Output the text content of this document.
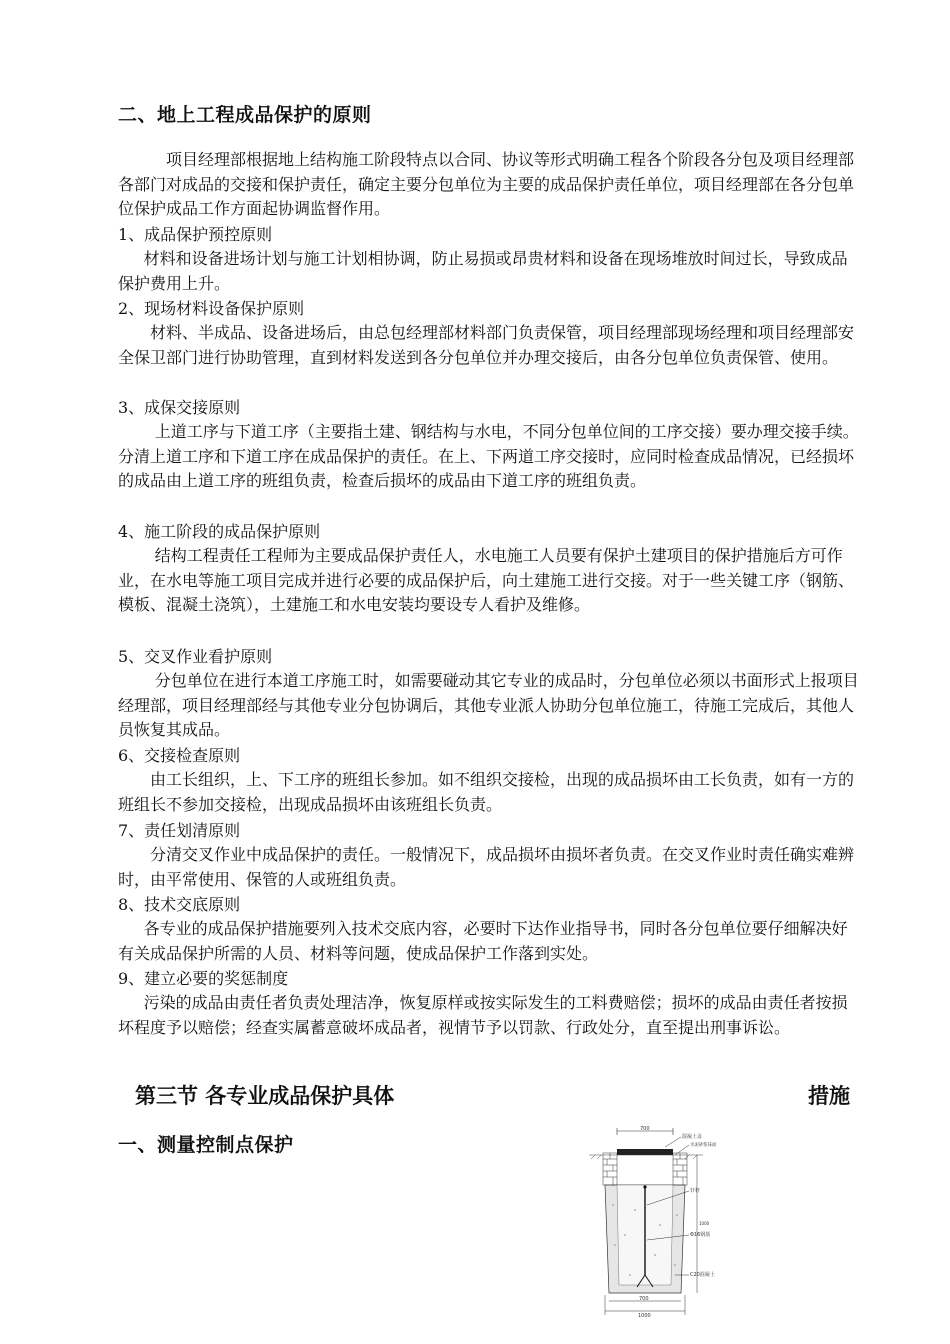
二、地上工程成品保护的原则

项目经理部根据地上结构施工阶段特点以合同、协议等形式明确工程各个阶段各分包及项目经理部各部门对成品的交接和保护责任，确定主要分包单位为主要的成品保护责任单位，项目经理部在各分包单位保护成品工作方面起协调监督作用。

1、成品保护预控原则

材料和设备进场计划与施工计划相协调，防止易损或昂贵材料和设备在现场堆放时间过长，导致成品保护费用上升。

2、现场材料设备保护原则

材料、半成品、设备进场后，由总包经理部材料部门负责保管，项目经理部现场经理和项目经理部安全保卫部门进行协助管理，直到材料发送到各分包单位并办理交接后，由各分包单位负责保管、使用。

3、成保交接原则

上道工序与下道工序（主要指土建、钢结构与水电，不同分包单位间的工序交接）要办理交接手续。分清上道工序和下道工序在成品保护的责任。在上、下两道工序交接时，应同时检查成品情况，已经损坏的成品由上道工序的班组负责，检查后损坏的成品由下道工序的班组负责。

4、施工阶段的成品保护原则

结构工程责任工程师为主要成品保护责任人，水电施工人员要有保护土建项目的保护措施后方可作业，在水电等施工项目完成并进行必要的成品保护后，向土建施工进行交接。对于一些关键工序（钢筋、模板、混凝土浇筑），土建施工和水电安装均要设专人看护及维修。

5、交叉作业看护原则

分包单位在进行本道工序施工时，如需要碰动其它专业的成品时，分包单位必须以书面形式上报项目经理部，项目经理部经与其他专业分包协调后，其他专业派人协助分包单位施工，待施工完成后，其他人员恢复其成品。

6、交接检查原则

由工长组织，上、下工序的班组长参加。如不组织交接检，出现的成品损坏由工长负责，如有一方的班组长不参加交接检，出现成品损坏由该班组长负责。

7、责任划清原则

分清交叉作业中成品保护的责任。一般情况下，成品损坏由损坏者负责。在交叉作业时责任确实难辨时，由平常使用、保管的人或班组负责。

8、技术交底原则

各专业的成品保护措施要列入技术交底内容，必要时下达作业指导书，同时各分包单位要仔细解决好有关成品保护所需的人员、材料等问题，使成品保护工作落到实处。

9、建立必要的奖惩制度

污染的成品由责任者负责处理洁净，恢复原样或按实际发生的工料费赔偿；损坏的成品由责任者按损坏程度予以赔偿；经查实属蓄意破坏成品者，视情节予以罚款、行政处分，直至提出刑事诉讼。

第三节 各专业成品保护具体	措施
一、测量控制点保护
700
混凝土盖
水泥砂浆抹面
钎杆
Φ16钢筋
C20混凝土
1000
700
1000
